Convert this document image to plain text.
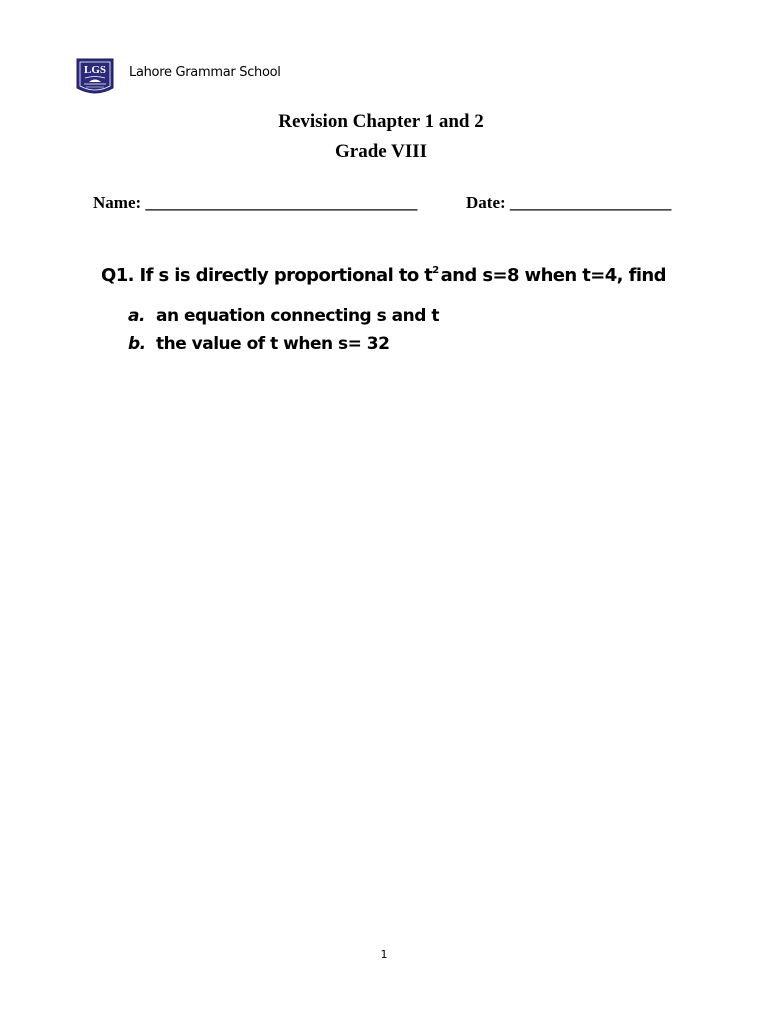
LGS Lahore Grammar School
Revision Chapter 1 and 2
Grade VIII
Name: ________________________________	Date: ___________________
Q1. If s is directly proportional to $t^2$ and s=8 when t=4, find
a. an equation connecting s and t
b. the value of t when s= 32
1
